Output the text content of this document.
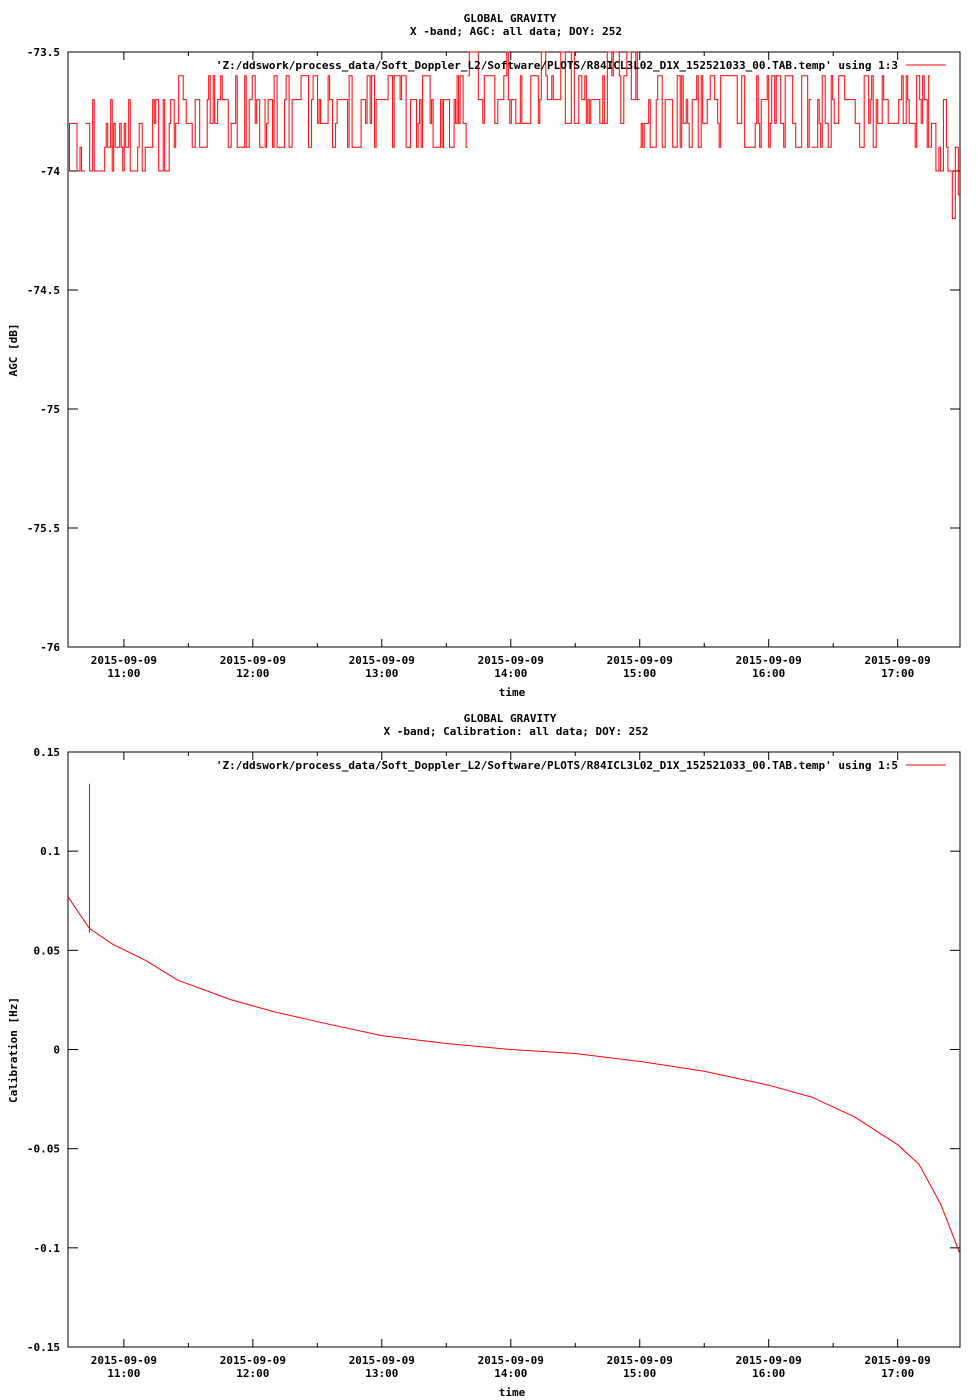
GLOBAL GRAVITY
X -band; AGC: all data; DOY: 252
-73.5
-74
-74.5
-75
-75.5
-76
2015-09-09
11:00
2015-09-09
12:00
2015-09-09
13:00
2015-09-09
14:00
2015-09-09
15:00
2015-09-09
16:00
2015-09-09
17:00
'Z:/ddswork/process_data/Soft_Doppler_L2/Software/PLOTS/R84ICL3L02_D1X_152521033_00.TAB.temp' using 1:3
time
AGC [dB]
GLOBAL GRAVITY
X -band; Calibration: all data; DOY: 252
0.15
0.1
0.05
0
-0.05
-0.1
-0.15
2015-09-09
11:00
2015-09-09
12:00
2015-09-09
13:00
2015-09-09
14:00
2015-09-09
15:00
2015-09-09
16:00
2015-09-09
17:00
'Z:/ddswork/process_data/Soft_Doppler_L2/Software/PLOTS/R84ICL3L02_D1X_152521033_00.TAB.temp' using 1:5
time
Calibration [Hz]
